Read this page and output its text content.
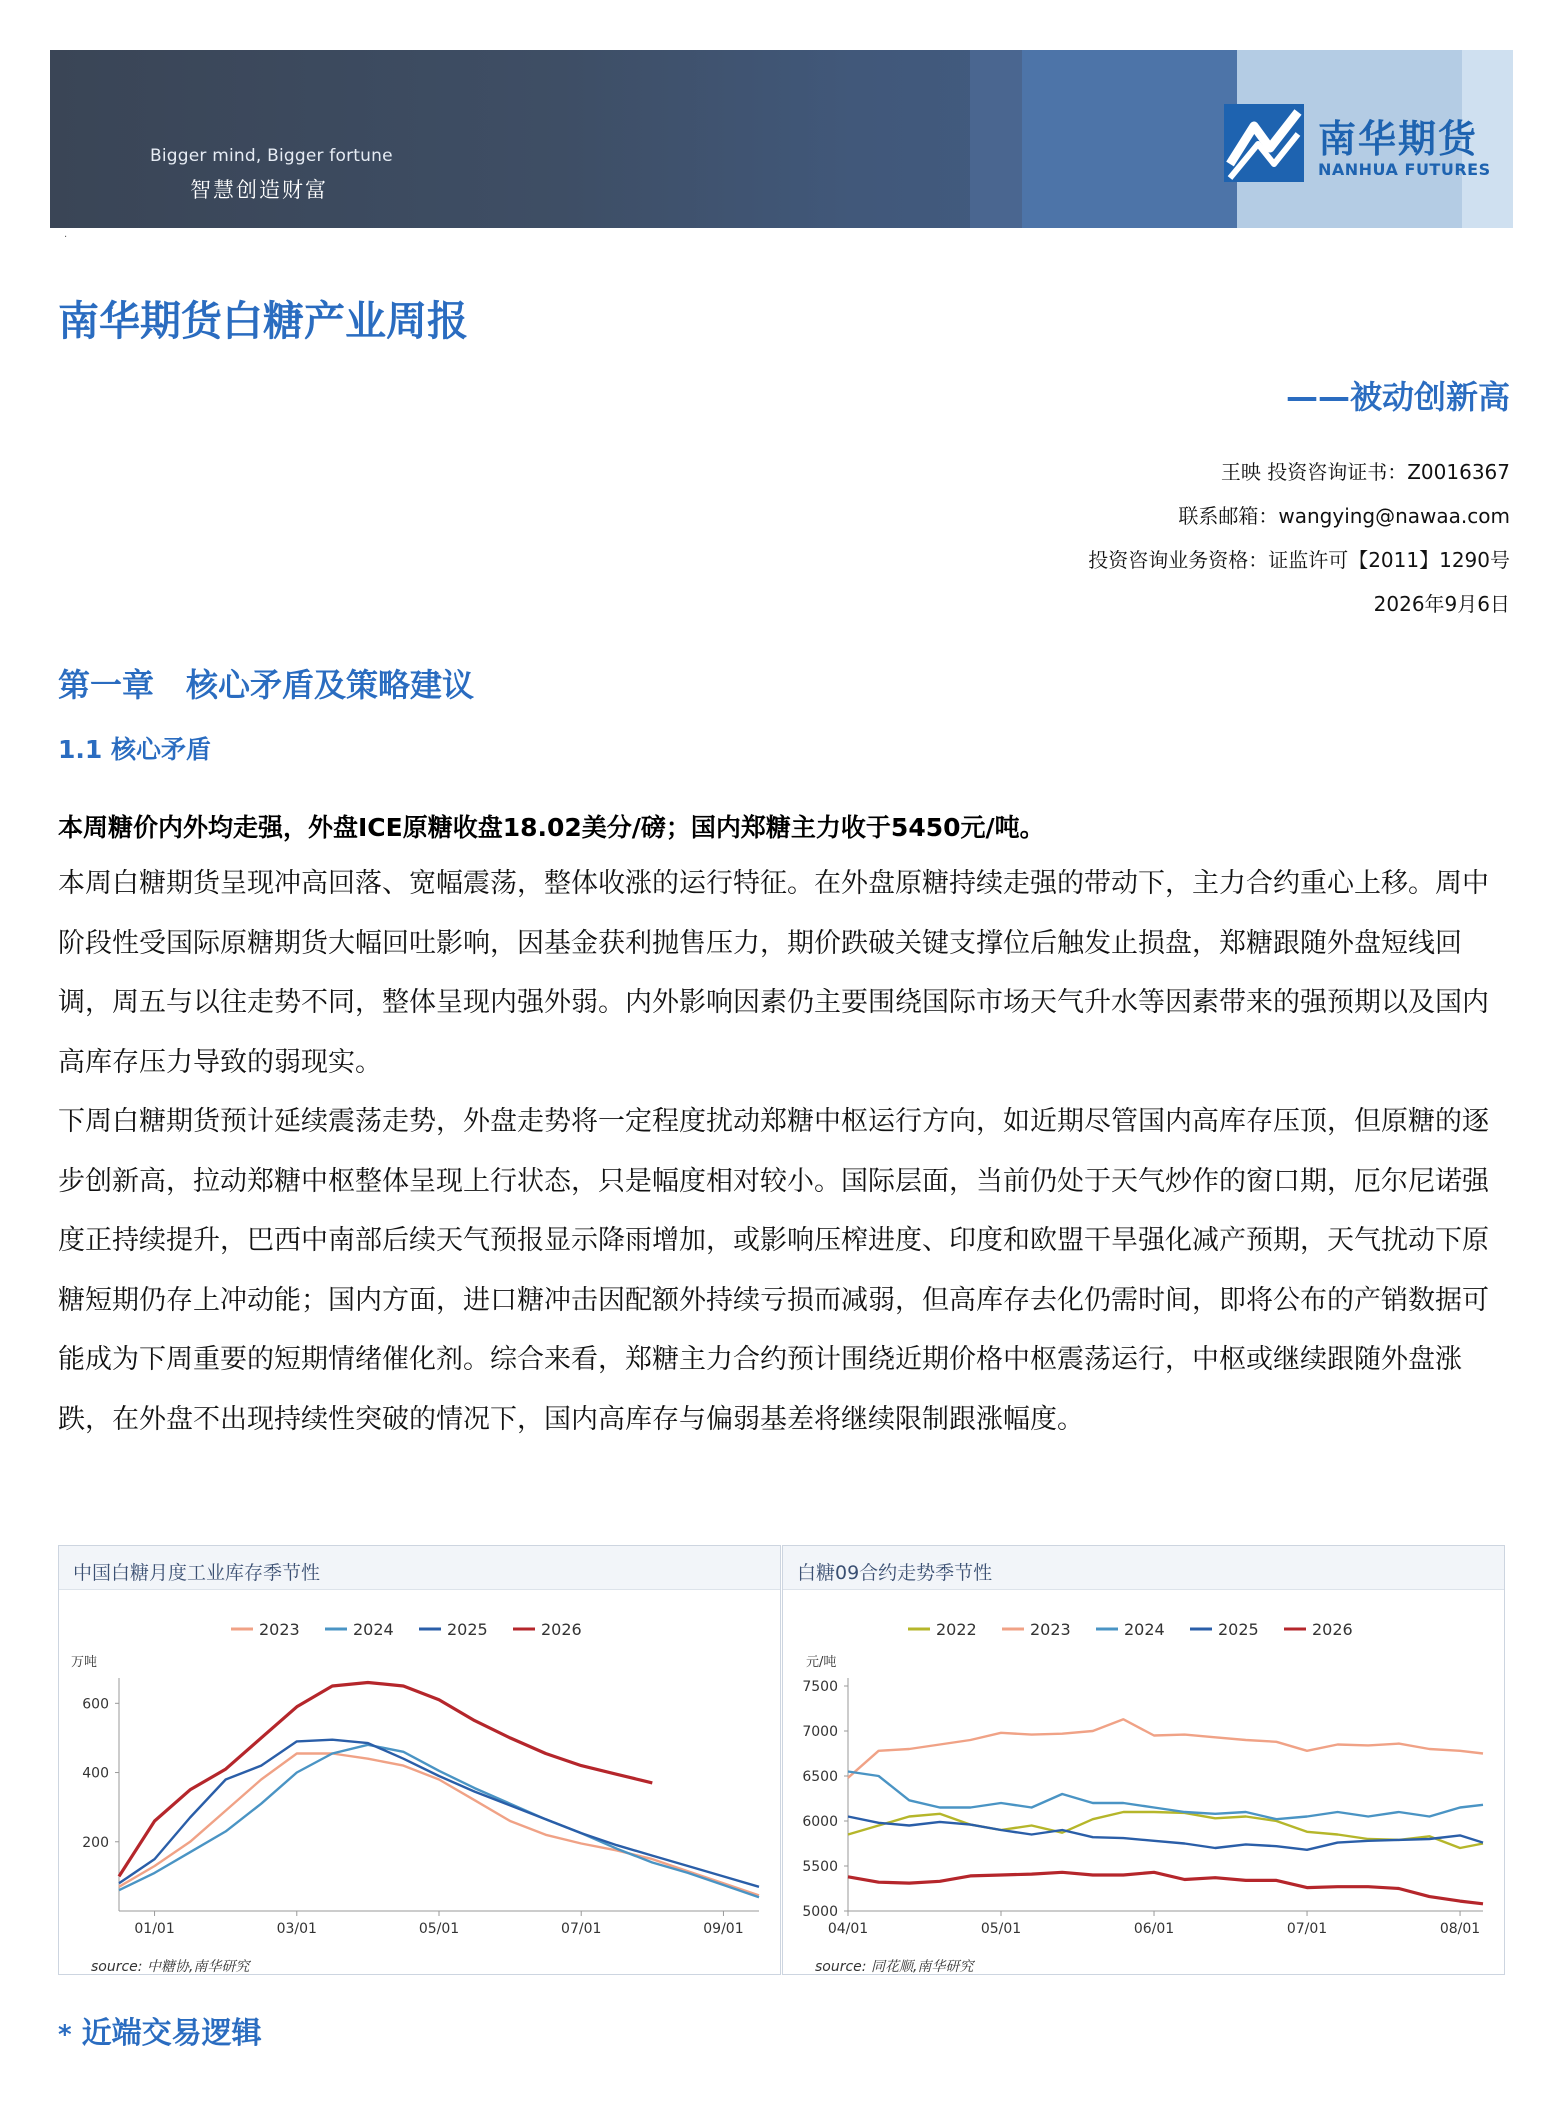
Bigger mind, Bigger fortune
智慧创造财富
南华期货
NANHUA FUTURES
·
南华期货白糖产业周报
——被动创新高
王映 投资咨询证书：Z0016367
联系邮箱：wangying@nawaa.com
投资咨询业务资格：证监许可【2011】1290号
2026年9月6日
第一章　核心矛盾及策略建议
1.1 核心矛盾
本周糖价内外均走强，外盘ICE原糖收盘18.02美分/磅；国内郑糖主力收于5450元/吨。
本周白糖期货呈现冲高回落、宽幅震荡，整体收涨的运行特征。在外盘原糖持续走强的带动下，主力合约重心上移。周中阶段性受国际原糖期货大幅回吐影响，因基金获利抛售压力，期价跌破关键支撑位后触发止损盘，郑糖跟随外盘短线回调，周五与以往走势不同，整体呈现内强外弱。内外影响因素仍主要围绕国际市场天气升水等因素带来的强预期以及国内高库存压力导致的弱现实。
下周白糖期货预计延续震荡走势，外盘走势将一定程度扰动郑糖中枢运行方向，如近期尽管国内高库存压顶，但原糖的逐步创新高，拉动郑糖中枢整体呈现上行状态，只是幅度相对较小。国际层面，当前仍处于天气炒作的窗口期，厄尔尼诺强度正持续提升，巴西中南部后续天气预报显示降雨增加，或影响压榨进度、印度和欧盟干旱强化减产预期，天气扰动下原糖短期仍存上冲动能；国内方面，进口糖冲击因配额外持续亏损而减弱，但高库存去化仍需时间，即将公布的产销数据可能成为下周重要的短期情绪催化剂。综合来看，郑糖主力合约预计围绕近期价格中枢震荡运行，中枢或继续跟随外盘涨跌，在外盘不出现持续性突破的情况下，国内高库存与偏弱基差将继续限制跟涨幅度。
中国白糖月度工业库存季节性
2023	2024	2025	2026
万吨
200
400
600
01/01	03/01	05/01	07/01	09/01
source: 中糖协,南华研究
白糖09合约走势季节性
2022	2023	2024	2025	2026
元/吨
5000
5500
6000
6500
7000
7500
04/01	05/01	06/01	07/01	08/01
source: 同花顺,南华研究
* 近端交易逻辑
